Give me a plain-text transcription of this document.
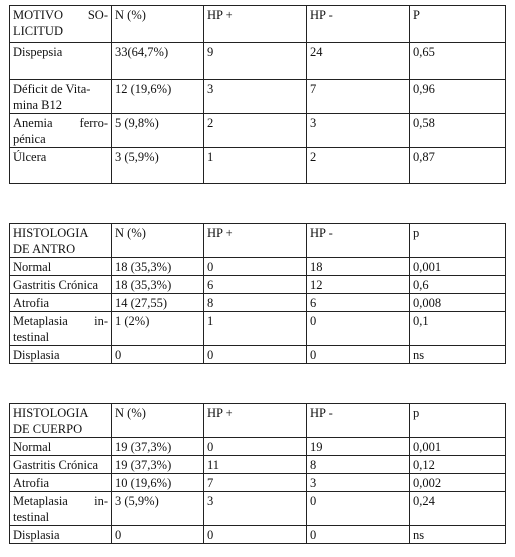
MOTIVO SO-
LICITUD	N (%)	HP +	HP -	P

Dispepsia	33(64,7%)	9	24	0,65

Déficit de Vita-
mina B12	12 (19,6%)	3	7	0,96

Anemia ferro-
pénica	5 (9,8%)	2	3	0,58

Úlcera	3 (5,9%)	1	2	0,87
HISTOLOGIA
DE ANTRO	N (%)	HP +	HP -	p
Normal	18 (35,3%)	0	18	0,001
Gastritis Crónica	18 (35,3%)	6	12	0,6
Atrofia	14 (27,55)	8	6	0,008

Metaplasia in-
testinal	1 (2%)	1	0	0,1
Displasia	0	0	0	ns
HISTOLOGIA
DE CUERPO	N (%)	HP +	HP -	p
Normal	19 (37,3%)	0	19	0,001
Gastritis Crónica	19 (37,3%)	11	8	0,12
Atrofia	10 (19,6%)	7	3	0,002

Metaplasia in-
testinal	3 (5,9%)	3	0	0,24
Displasia	0	0	0	ns
